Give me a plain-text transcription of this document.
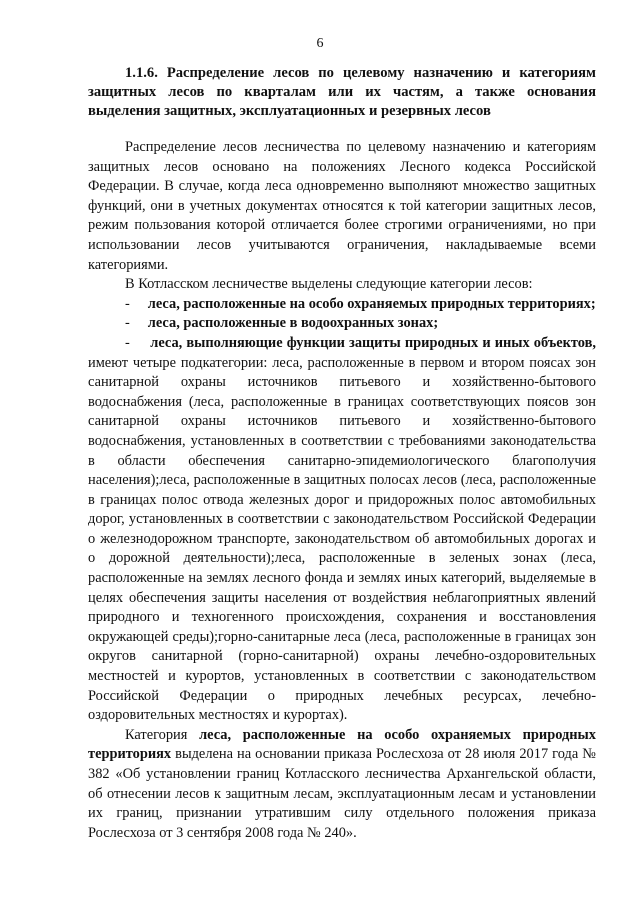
6
1.1.6. Распределение лесов по целевому назначению и категориям защитных лесов по кварталам или их частям, а также основания выделения защитных, эксплуатационных и резервных лесов

Распределение лесов лесничества по целевому назначению и категориям защитных лесов основано на положениях Лесного кодекса Российской Федерации. В случае, когда леса одновременно выполняют множество защитных функций, они в учетных документах относятся к той категории защитных лесов, режим пользования которой отличается более строгими ограничениями, но при использовании лесов учитываются ограничения, накладываемые всеми категориями.

В Котласском лесничестве выделены следующие категории лесов:

- леса, расположенные на особо охраняемых природных территориях;

- леса, расположенные в водоохранных зонах;

- леса, выполняющие функции защиты природных и иных объектов, имеют четыре подкатегории: леса, расположенные в первом и втором поясах зон санитарной охраны источников питьевого и хозяйственно-бытового водоснабжения (леса, расположенные в границах соответствующих поясов зон санитарной охраны источников питьевого и хозяйственно-бытового водоснабжения, установленных в соответствии с требованиями законодательства в области обеспечения санитарно-эпидемиологического благополучия населения);леса, расположенные в защитных полосах лесов (леса, расположенные в границах полос отвода железных дорог и придорожных полос автомобильных дорог, установленных в соответствии с законодательством Российской Федерации о железнодорожном транспорте, законодательством об автомобильных дорогах и о дорожной деятельности);леса, расположенные в зеленых зонах (леса, расположенные на землях лесного фонда и землях иных категорий, выделяемые в целях обеспечения защиты населения от воздействия неблагоприятных явлений природного и техногенного происхождения, сохранения и восстановления окружающей среды);горно-санитарные леса (леса, расположенные в границах зон округов санитарной (горно-санитарной) охраны лечебно-оздоровительных местностей и курортов, установленных в соответствии с законодательством Российской Федерации о природных лечебных ресурсах, лечебно-оздоровительных местностях и курортах).

Категория леса, расположенные на особо охраняемых природных территориях выделена на основании приказа Рослесхоза от 28 июля 2017 года № 382 «Об установлении границ Котласского лесничества Архангельской области, об отнесении лесов к защитным лесам, эксплуатационным лесам и установлении их границ, признании утратившим силу отдельного положения приказа Рослесхоза от 3 сентября 2008 года № 240».
